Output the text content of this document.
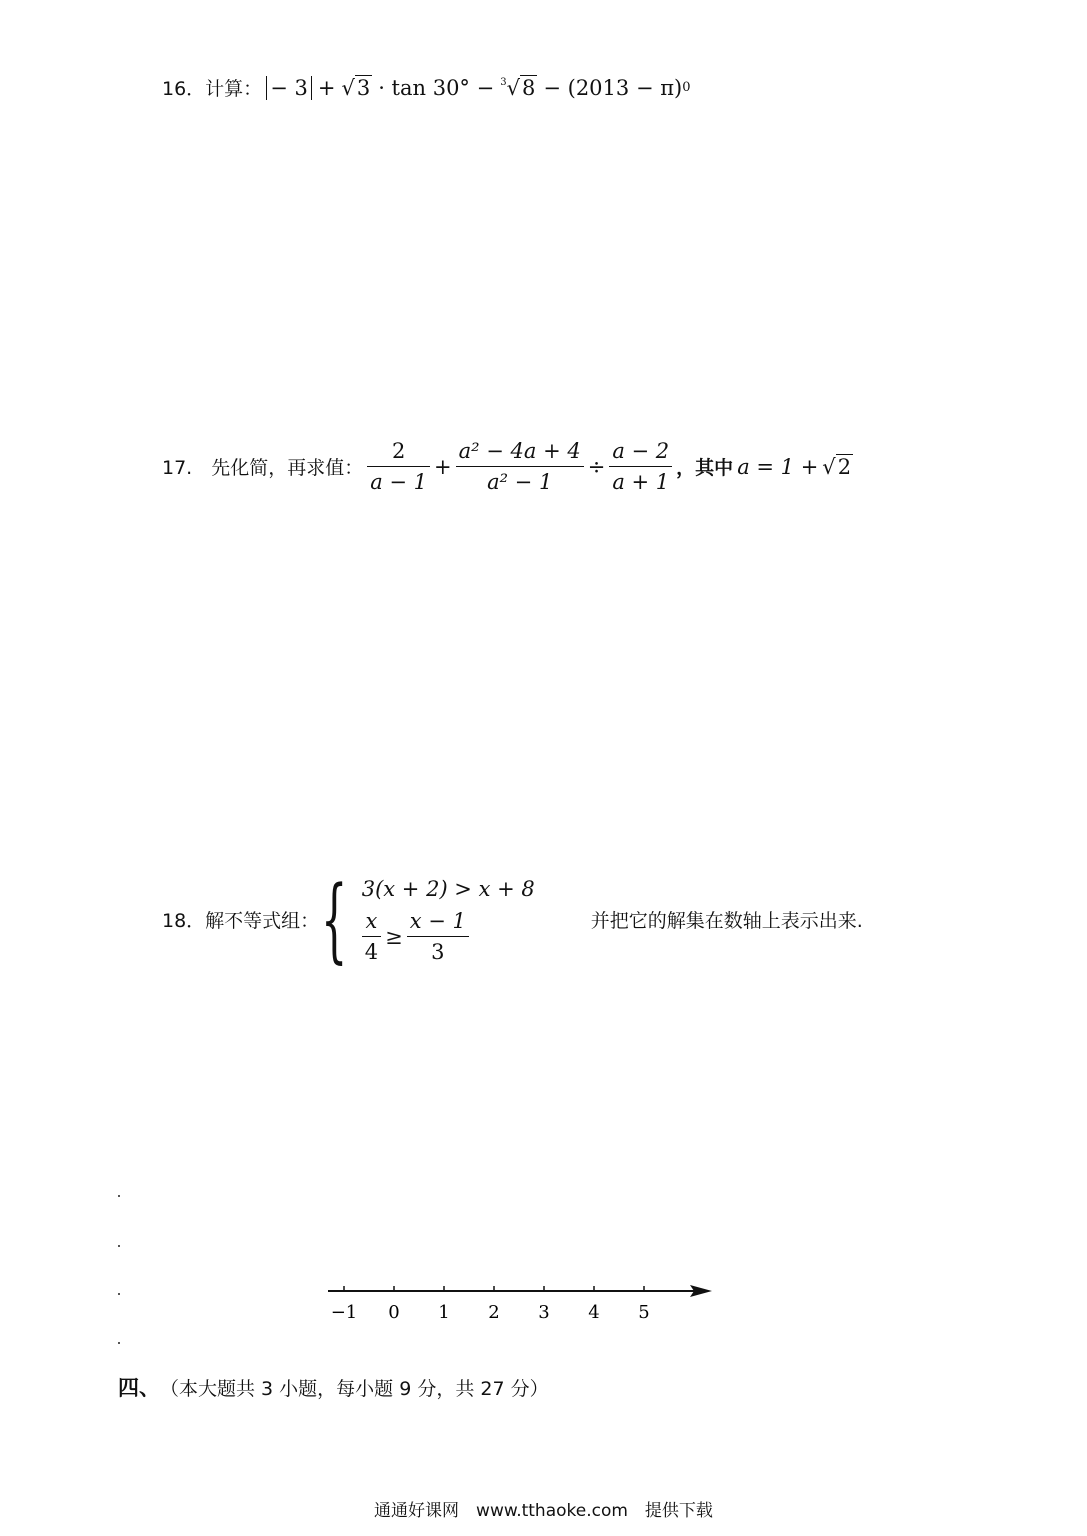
16．计算： − 3 + √3 · tan 30° − $^3$√8 − (2013 − π) 0
17.　先化简，再求值： $\frac{2}{a - 1} + \frac{\text{a² − 4a + 4}}{\text{a² − 1}} \div \frac{a - 2}{a + 1}$ ，其中 a = 1 + √2
18．解不等式组： { 3(x + 2) > x + 8
$\frac{x}{4} \ge \frac{x - 1}{3}$	并把它的解集在数轴上表示出来.
−1 0 1 2 3 4 5
四、 （本大题共 3 小题，每小题 9 分，共 27 分）
通通好课网　www.tthaoke.com　提供下载
